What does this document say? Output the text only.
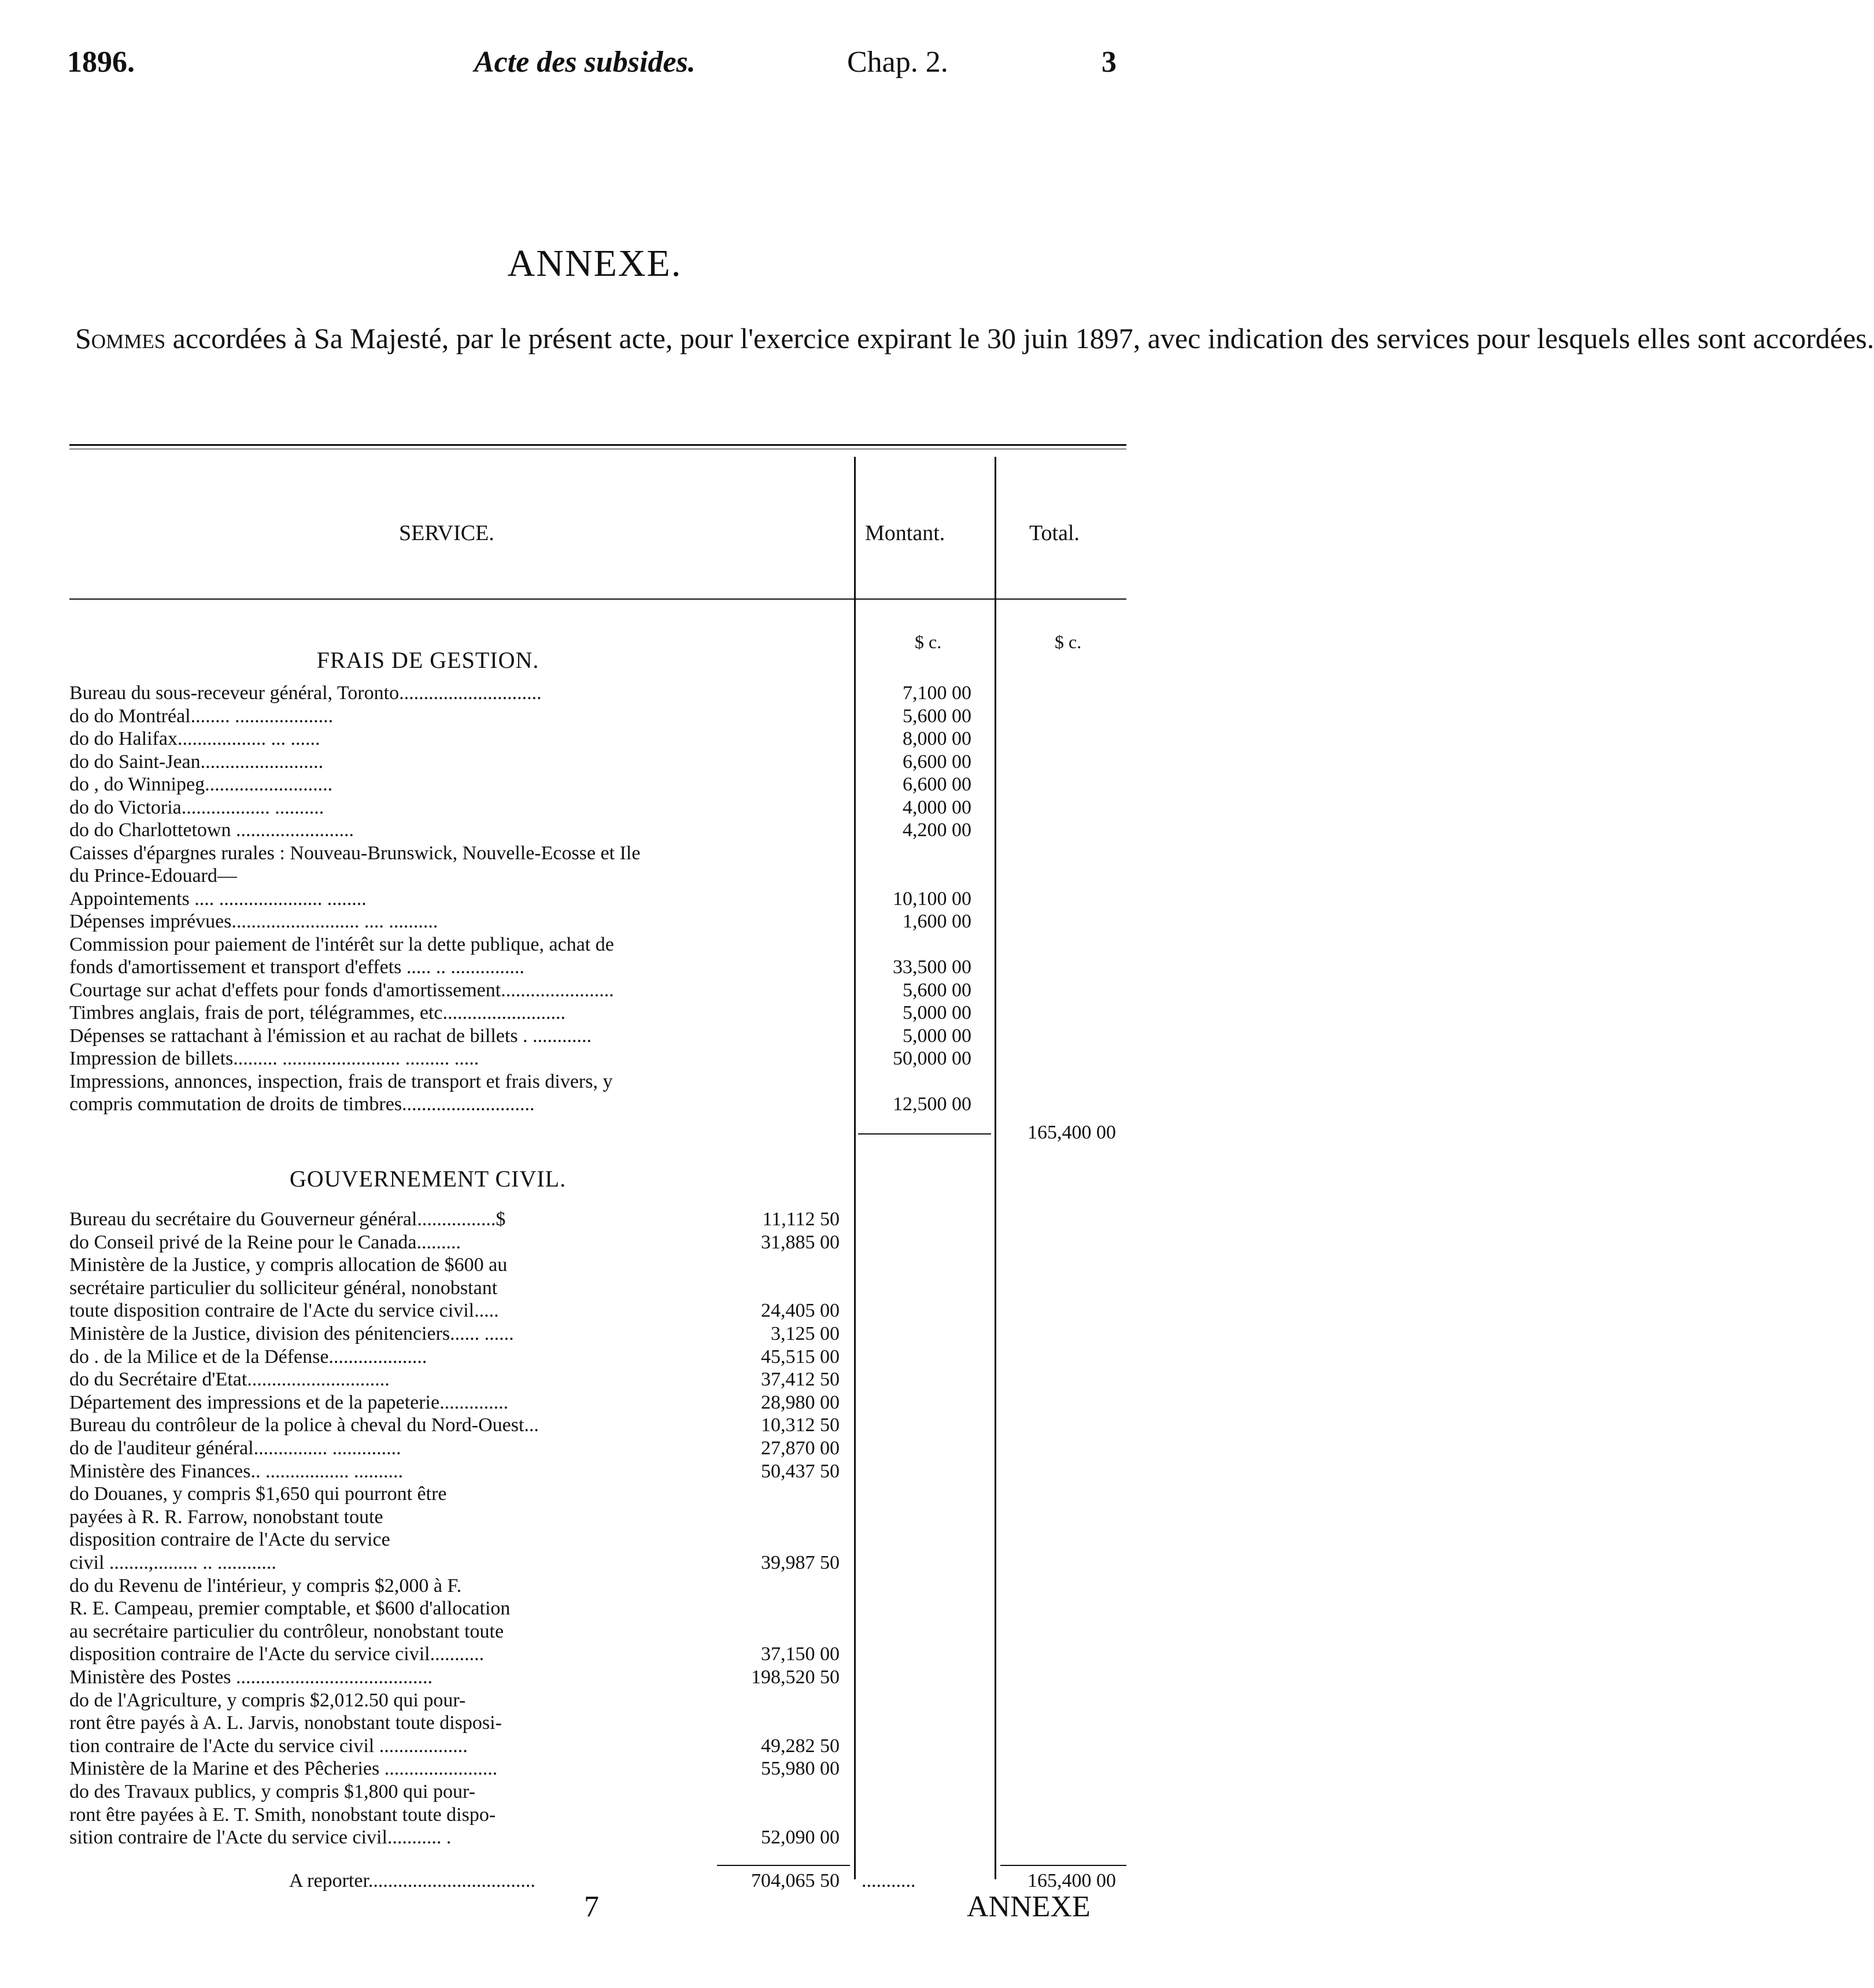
1896.	Acte des subsides.	Chap. 2.	3
ANNEXE.

Sommes accordées à Sa Majesté, par le présent acte, pour l'exercice expirant le 30 juin 1897, avec indication des services pour lesquels elles sont accordées.

SERVICE.	Montant.	Total.
$ c.	$ c.
FRAIS DE GESTION.
Bureau du sous-receveur général, Toronto.............................	7,100 00
do do Montréal........ ....................	5,600 00
do do Halifax.................. ... ......	8,000 00
do do Saint-Jean.........................	6,600 00
do , do Winnipeg..........................	6,600 00
do do Victoria.................. ..........	4,000 00
do do Charlottetown ........................	4,200 00
Caisses d'épargnes rurales : Nouveau-Brunswick, Nouvelle-Ecosse et Ile
du Prince-Edouard—
Appointements .... ..................... ........	10,100 00
Dépenses imprévues.......................... .... ..........	1,600 00
Commission pour paiement de l'intérêt sur la dette publique, achat de
fonds d'amortissement et transport d'effets ..... .. ...............	33,500 00
Courtage sur achat d'effets pour fonds d'amortissement.......................	5,600 00
Timbres anglais, frais de port, télégrammes, etc.........................	5,000 00
Dépenses se rattachant à l'émission et au rachat de billets . ............	5,000 00
Impression de billets......... ........................ ......... .....	50,000 00
Impressions, annonces, inspection, frais de transport et frais divers, y
compris commutation de droits de timbres...........................	12,500 00
165,400 00
GOUVERNEMENT CIVIL.
Bureau du secrétaire du Gouverneur général................$	11,112 50
do Conseil privé de la Reine pour le Canada.........	31,885 00
Ministère de la Justice, y compris allocation de $600 au
secrétaire particulier du solliciteur général, nonobstant
toute disposition contraire de l'Acte du service civil.....	24,405 00
Ministère de la Justice, division des pénitenciers...... ......	3,125 00
do . de la Milice et de la Défense....................	45,515 00
do du Secrétaire d'Etat.............................	37,412 50
Département des impressions et de la papeterie..............	28,980 00
Bureau du contrôleur de la police à cheval du Nord-Ouest...	10,312 50
do de l'auditeur général............... ..............	27,870 00
Ministère des Finances.. ................. ..........	50,437 50
do Douanes, y compris $1,650 qui pourront être
payées à R. R. Farrow, nonobstant toute
disposition contraire de l'Acte du service
civil ........,......... .. ............	39,987 50
do du Revenu de l'intérieur, y compris $2,000 à F.
R. E. Campeau, premier comptable, et $600 d'allocation
au secrétaire particulier du contrôleur, nonobstant toute
disposition contraire de l'Acte du service civil...........	37,150 00
Ministère des Postes ........................................	198,520 50
do de l'Agriculture, y compris $2,012.50 qui pour-
ront être payés à A. L. Jarvis, nonobstant toute disposi-
tion contraire de l'Acte du service civil ..................	49,282 50
Ministère de la Marine et des Pêcheries .......................	55,980 00
do des Travaux publics, y compris $1,800 qui pour-
ront être payées à E. T. Smith, nonobstant toute dispo-
sition contraire de l'Acte du service civil........... .	52,090 00
A reporter..................................	704,065 50 ...........	165,400 00
7	ANNEXE
